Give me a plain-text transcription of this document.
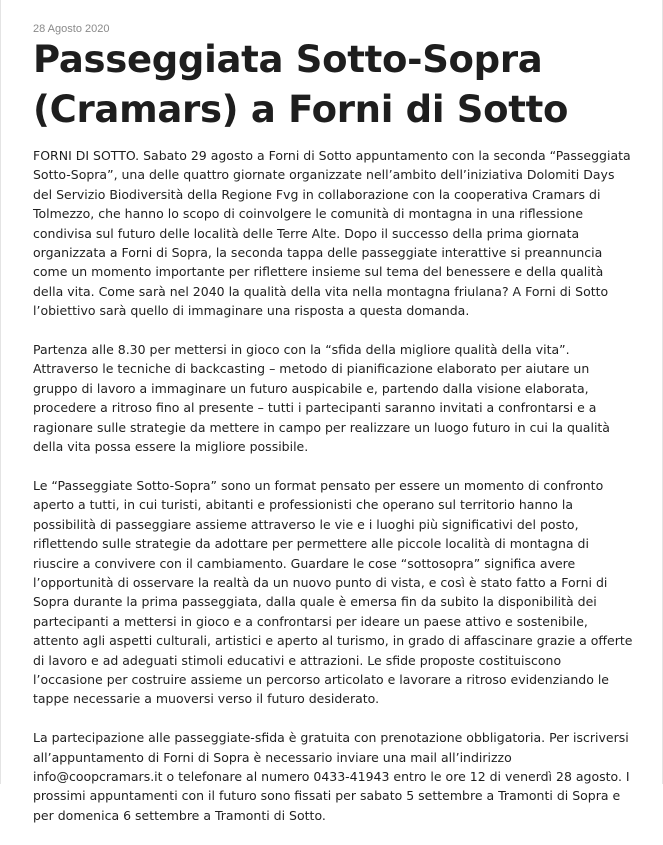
28 Agosto 2020
Passeggiata Sotto-Sopra
(Cramars) a Forni di Sotto

FORNI DI SOTTO. Sabato 29 agosto a Forni di Sotto appuntamento con la seconda “Passeggiata Sotto-Sopra”, una delle quattro giornate organizzate nell’ambito dell’iniziativa Dolomiti Days del Servizio Biodiversità della Regione Fvg in collaborazione con la cooperativa Cramars di Tolmezzo, che hanno lo scopo di coinvolgere le comunità di montagna in una riflessione condivisa sul futuro delle località delle Terre Alte. Dopo il successo della prima giornata organizzata a Forni di Sopra, la seconda tappa delle passeggiate interattive si preannuncia come un momento importante per riflettere insieme sul tema del benessere e della qualità della vita. Come sarà nel 2040 la qualità della vita nella montagna friulana? A Forni di Sotto l’obiettivo sarà quello di immaginare una risposta a questa domanda.

Partenza alle 8.30 per mettersi in gioco con la “sfida della migliore qualità della vita”. Attraverso le tecniche di backcasting – metodo di pianificazione elaborato per aiutare un gruppo di lavoro a immaginare un futuro auspicabile e, partendo dalla visione elaborata, procedere a ritroso fino al presente – tutti i partecipanti saranno invitati a confrontarsi e a ragionare sulle strategie da mettere in campo per realizzare un luogo futuro in cui la qualità della vita possa essere la migliore possibile.

Le “Passeggiate Sotto-Sopra” sono un format pensato per essere un momento di confronto aperto a tutti, in cui turisti, abitanti e professionisti che operano sul territorio hanno la possibilità di passeggiare assieme attraverso le vie e i luoghi più significativi del posto, riflettendo sulle strategie da adottare per permettere alle piccole località di montagna di riuscire a convivere con il cambiamento. Guardare le cose “sottosopra” significa avere l’opportunità di osservare la realtà da un nuovo punto di vista, e così è stato fatto a Forni di Sopra durante la prima passeggiata, dalla quale è emersa fin da subito la disponibilità dei partecipanti a mettersi in gioco e a confrontarsi per ideare un paese attivo e sostenibile, attento agli aspetti culturali, artistici e aperto al turismo, in grado di affascinare grazie a offerte di lavoro e ad adeguati stimoli educativi e attrazioni. Le sfide proposte costituiscono l’occasione per costruire assieme un percorso articolato e lavorare a ritroso evidenziando le tappe necessarie a muoversi verso il futuro desiderato.

La partecipazione alle passeggiate-sfida è gratuita con prenotazione obbligatoria. Per iscriversi all’appuntamento di Forni di Sopra è necessario inviare una mail all’indirizzo info@coopcramars.it o telefonare al numero 0433-41943 entro le ore 12 di venerdì 28 agosto. I prossimi appuntamenti con il futuro sono fissati per sabato 5 settembre a Tramonti di Sopra e per domenica 6 settembre a Tramonti di Sotto.
